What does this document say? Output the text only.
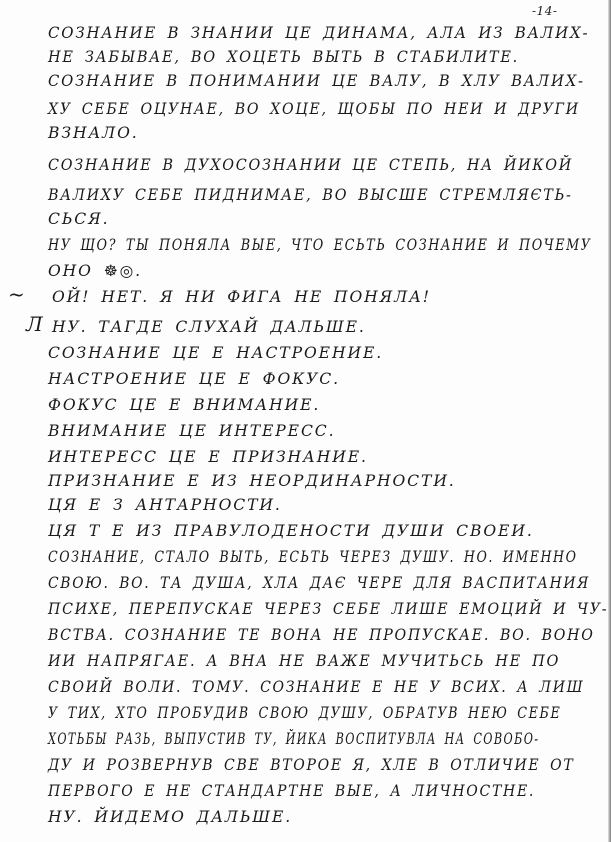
-14-
~
Л

СОЗНАНИЕ В ЗНАНИИ ЦЕ ДИНАМА, АЛА ИЗ ВАЛИХ-

НЕ ЗАБЫВАЕ, ВО ХОЦЕТЬ ВЫТЬ В СТАБИЛИТЕ.

СОЗНАНИЕ В ПОНИМАНИИ ЦЕ ВАЛУ, В ХЛУ ВАЛИХ-

ХУ СЕБЕ ОЦУНАЕ, ВО ХОЦЕ, ЩОБЫ ПО НЕИ И ДРУГИ

ВЗНАЛО.

СОЗНАНИЕ В ДУХОСОЗНАНИИ ЦЕ СТЕПЬ, НА ЙИКОЙ

ВАЛИХУ СЕБЕ ПИДНИМАЕ, ВО ВЫСШЕ СТРЕМЛЯЄТЬ-

СЬСЯ.

НУ ЩО? ТЫ ПОНЯЛА ВЫЕ, ЧТО ЕСЬТЬ СОЗНАНИЕ И ПОЧЕМУ

ОНО ☸◎.

ОЙ! НЕТ. Я НИ ФИГА НЕ ПОНЯЛА!

НУ. ТАГДЕ СЛУХАЙ ДАЛЬШЕ.

СОЗНАНИЕ ЦЕ Е НАСТРОЕНИЕ.

НАСТРОЕНИЕ ЦЕ Е ФОКУС.

ФОКУС ЦЕ Е ВНИМАНИЕ.

ВНИМАНИЕ ЦЕ ИНТЕРЕСС.

ИНТЕРЕСС ЦЕ Е ПРИЗНАНИЕ.

ПРИЗНАНИЕ Е ИЗ НЕОРДИНАРНОСТИ.

ЦЯ Е З АНТАРНОСТИ.

ЦЯ Т Е ИЗ ПРАВУЛОДЕНОСТИ ДУШИ СВОЕИ.

СОЗНАНИЕ, СТАЛО ВЫТЬ, ЕСЬТЬ ЧЕРЕЗ ДУШУ. НО. ИМЕННО

СВОЮ. ВО. ТА ДУША, ХЛА ДАЄ ЧЕРЕ ДЛЯ ВАСПИТАНИЯ

ПСИХЕ, ПЕРЕПУСКАЕ ЧЕРЕЗ СЕБЕ ЛИШЕ ЕМОЦИЙ И ЧУ-

ВСТВА. СОЗНАНИЕ ТЕ ВОНА НЕ ПРОПУСКАЕ. ВО. ВОНО

ИИ НАПРЯГАЕ. А ВНА НЕ ВАЖЕ МУЧИТЬСЬ НЕ ПО

СВОИЙ ВОЛИ. ТОМУ. СОЗНАНИЕ Е НЕ У ВСИХ. А ЛИШ

У ТИХ, ХТО ПРОБУДИВ СВОЮ ДУШУ, ОБРАТУВ НЕЮ СЕБЕ

ХОТЬБЫ РАЗЬ, ВЫПУСТИВ ТУ, ЙИКА ВОСПИТУВЛА НА СОВОБО-

ДУ И РОЗВЕРНУВ СВЕ ВТОРОЕ Я, ХЛЕ В ОТЛИЧИЕ ОТ

ПЕРВОГО Е НЕ СТАНДАРТНЕ ВЫЕ, А ЛИЧНОСТНЕ.

НУ. ЙИДЕМО ДАЛЬШЕ.
